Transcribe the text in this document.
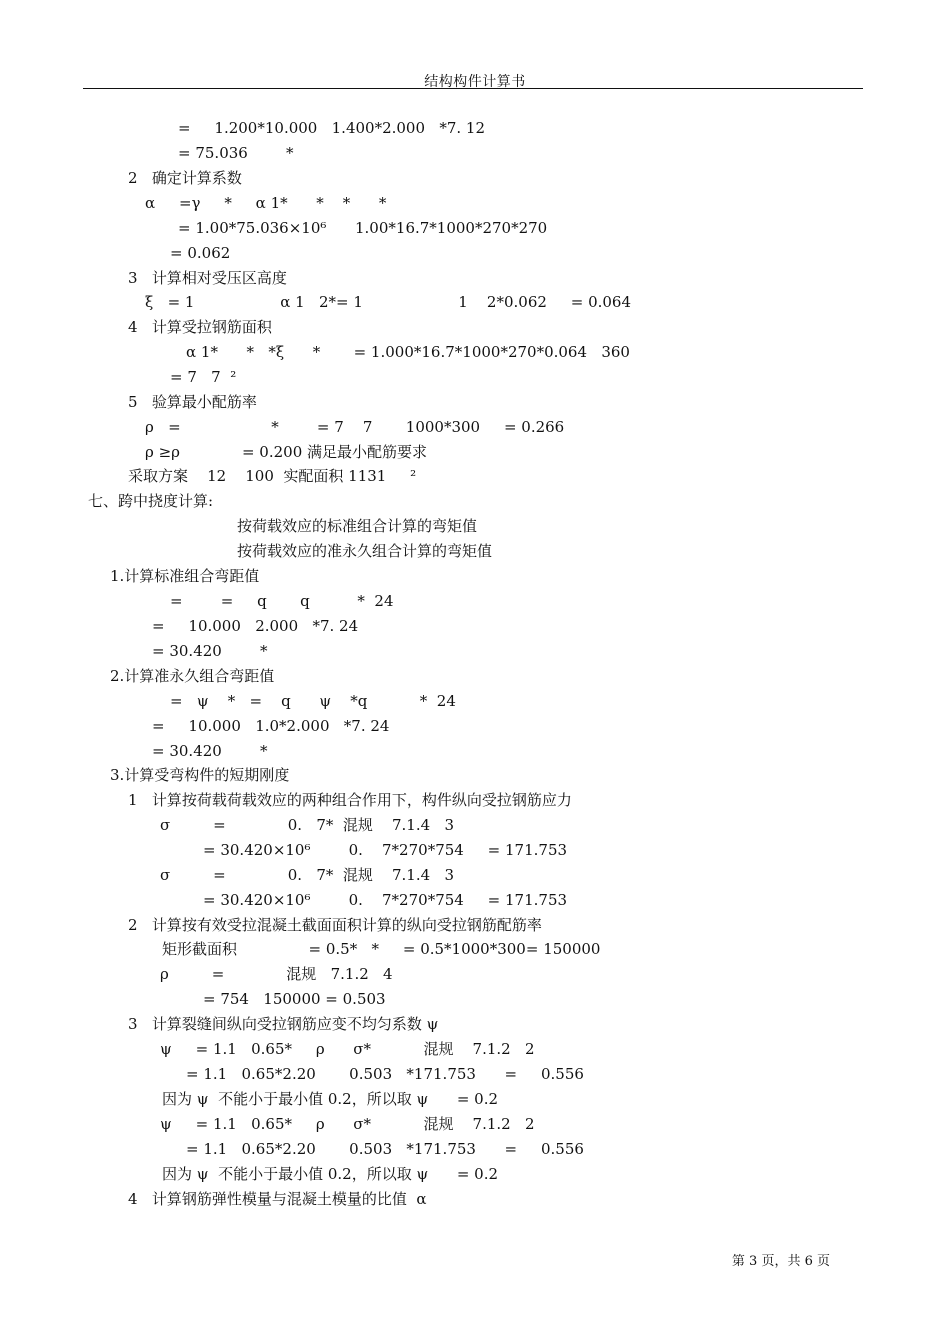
结构构件计算书
=     1.200*10.000   1.400*2.000   *7. 12
= 75.036        *
2   确定计算系数
α     =γ     *     α 1*      *    *      *
= 1.00*75.036×10⁶      1.00*16.7*1000*270*270
= 0.062
3   计算相对受压区高度
ξ   = 1                  α 1   2*= 1                    1    2*0.062     = 0.064
4   计算受拉钢筋面积
α 1*      *   *ξ      *       = 1.000*16.7*1000*270*0.064   360
= 7   7  ²
5   验算最小配筋率
ρ   =                   *        = 7    7       1000*300     = 0.266
ρ ≥ρ             = 0.200 满足最小配筋要求
采取方案    12    100  实配面积 1131     ²
七、跨中挠度计算:
按荷载效应的标准组合计算的弯矩值
按荷载效应的准永久组合计算的弯矩值
1.计算标准组合弯距值
=        =     q       q          *  24
=     10.000   2.000   *7. 24
= 30.420        *
2.计算准永久组合弯距值
=   ψ    *   =    q      ψ    *q           *  24
=     10.000   1.0*2.000   *7. 24
= 30.420        *
3.计算受弯构件的短期刚度
1   计算按荷载荷载效应的两种组合作用下，构件纵向受拉钢筋应力
σ         =             0.   7*  混规    7.1.4   3
= 30.420×10⁶        0.    7*270*754     = 171.753
σ         =             0.   7*  混规    7.1.4   3
= 30.420×10⁶        0.    7*270*754     = 171.753
2   计算按有效受拉混凝土截面面积计算的纵向受拉钢筋配筋率
矩形截面积               = 0.5*   *     = 0.5*1000*300= 150000
ρ         =             混规   7.1.2   4
= 754   150000 = 0.503
3   计算裂缝间纵向受拉钢筋应变不均匀系数 ψ
ψ     = 1.1   0.65*     ρ      σ*           混规    7.1.2   2
= 1.1   0.65*2.20       0.503   *171.753      =     0.556
因为 ψ  不能小于最小值 0.2，所以取 ψ      = 0.2
ψ     = 1.1   0.65*     ρ      σ*           混规    7.1.2   2
= 1.1   0.65*2.20       0.503   *171.753      =     0.556
因为 ψ  不能小于最小值 0.2，所以取 ψ      = 0.2
4   计算钢筋弹性模量与混凝土模量的比值  α
第 3 页，共 6 页
